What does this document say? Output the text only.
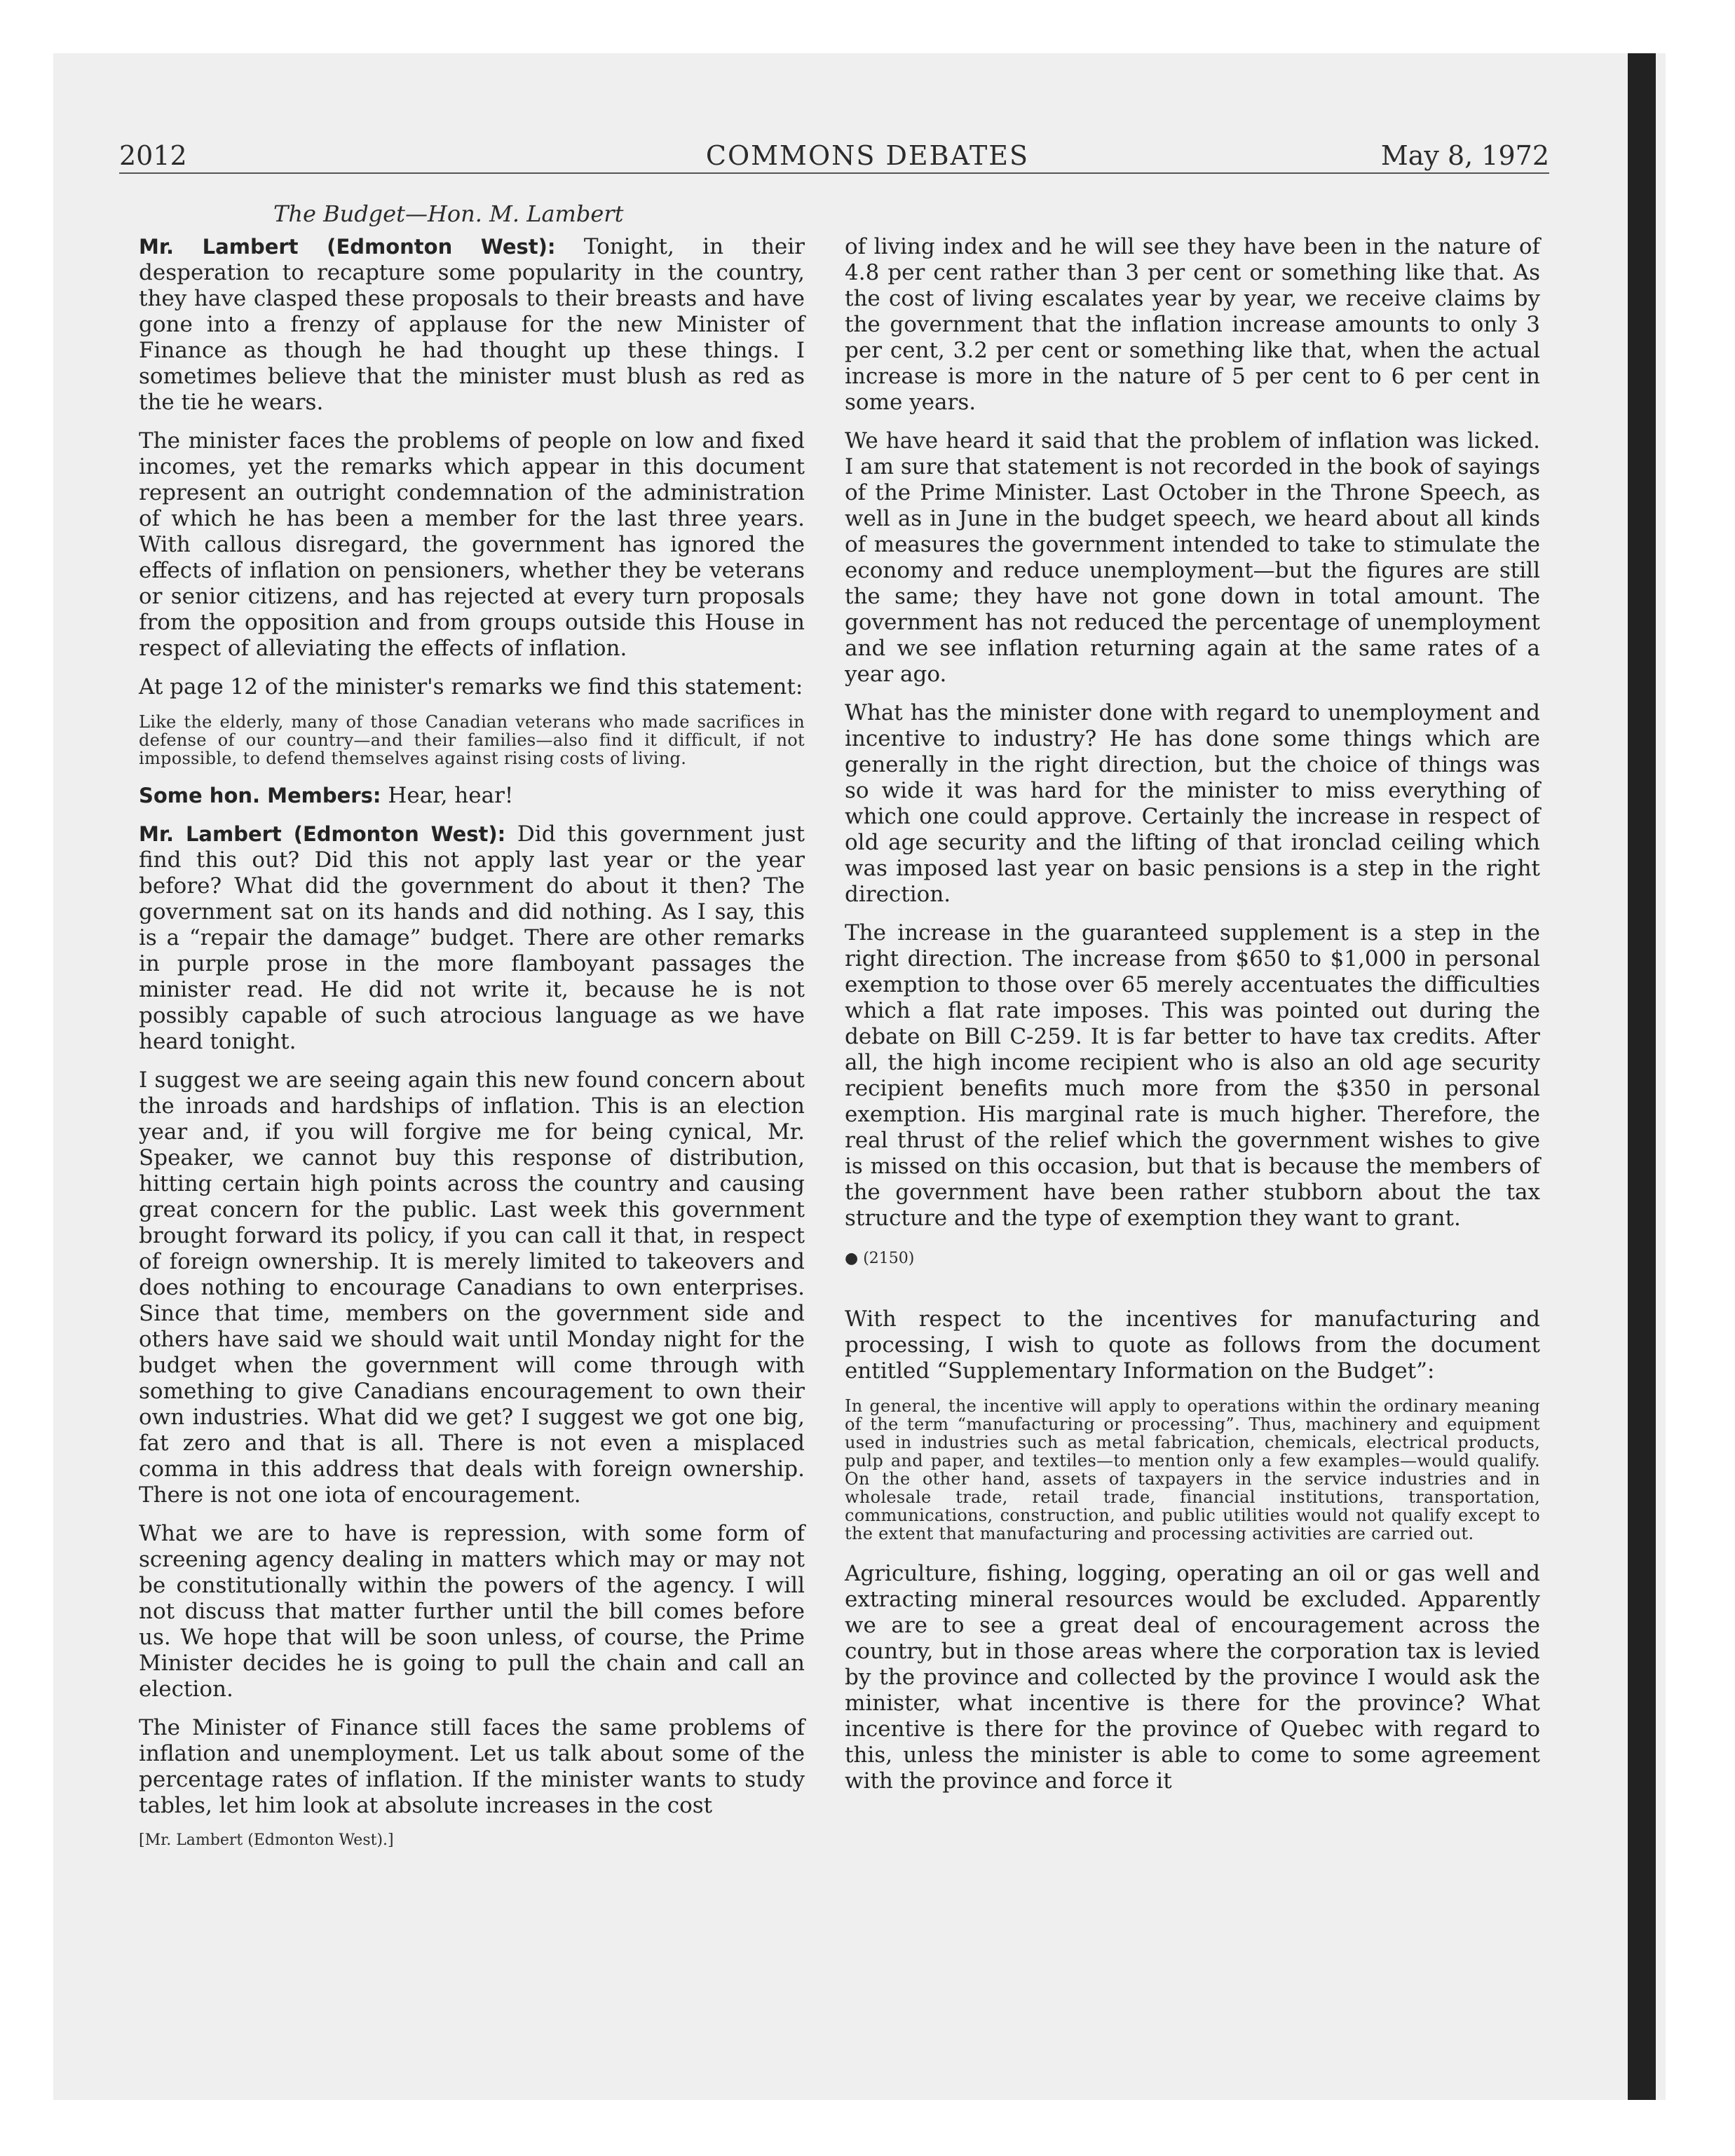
2012	COMMONS DEBATES	May 8, 1972
The Budget—Hon. M. Lambert

Mr. Lambert (Edmonton West): Tonight, in their desperation to recapture some popularity in the country, they have clasped these proposals to their breasts and have gone into a frenzy of applause for the new Minister of Finance as though he had thought up these things. I sometimes believe that the minister must blush as red as the tie he wears.

The minister faces the problems of people on low and fixed incomes, yet the remarks which appear in this document represent an outright condemnation of the administration of which he has been a member for the last three years. With callous disregard, the government has ignored the effects of inflation on pensioners, whether they be veterans or senior citizens, and has rejected at every turn proposals from the opposition and from groups outside this House in respect of alleviating the effects of inflation.

At page 12 of the minister's remarks we find this statement:

Like the elderly, many of those Canadian veterans who made sacrifices in defense of our country—and their families—also find it difficult, if not impossible, to defend themselves against rising costs of living.

Some hon. Members: Hear, hear!

Mr. Lambert (Edmonton West): Did this government just find this out? Did this not apply last year or the year before? What did the government do about it then? The government sat on its hands and did nothing. As I say, this is a “repair the damage” budget. There are other remarks in purple prose in the more flamboyant passages the minister read. He did not write it, because he is not possibly capable of such atrocious language as we have heard tonight.

I suggest we are seeing again this new found concern about the inroads and hardships of inflation. This is an election year and, if you will forgive me for being cynical, Mr. Speaker, we cannot buy this response of distribution, hitting certain high points across the country and causing great concern for the public. Last week this government brought forward its policy, if you can call it that, in respect of foreign ownership. It is merely limited to takeovers and does nothing to encourage Canadians to own enterprises. Since that time, members on the government side and others have said we should wait until Monday night for the budget when the government will come through with something to give Canadians encouragement to own their own industries. What did we get? I suggest we got one big, fat zero and that is all. There is not even a misplaced comma in this address that deals with foreign ownership. There is not one iota of encouragement.

What we are to have is repression, with some form of screening agency dealing in matters which may or may not be constitutionally within the powers of the agency. I will not discuss that matter further until the bill comes before us. We hope that will be soon unless, of course, the Prime Minister decides he is going to pull the chain and call an election.

The Minister of Finance still faces the same problems of inflation and unemployment. Let us talk about some of the percentage rates of inflation. If the minister wants to study tables, let him look at absolute increases in the cost

[Mr. Lambert (Edmonton West).]

of living index and he will see they have been in the nature of 4.8 per cent rather than 3 per cent or something like that. As the cost of living escalates year by year, we receive claims by the government that the inflation increase amounts to only 3 per cent, 3.2 per cent or something like that, when the actual increase is more in the nature of 5 per cent to 6 per cent in some years.

We have heard it said that the problem of inflation was licked. I am sure that statement is not recorded in the book of sayings of the Prime Minister. Last October in the Throne Speech, as well as in June in the budget speech, we heard about all kinds of measures the government intended to take to stimulate the economy and reduce unemployment—but the figures are still the same; they have not gone down in total amount. The government has not reduced the percentage of unemployment and we see inflation returning again at the same rates of a year ago.

What has the minister done with regard to unemployment and incentive to industry? He has done some things which are generally in the right direction, but the choice of things was so wide it was hard for the minister to miss everything of which one could approve. Certainly the increase in respect of old age security and the lifting of that ironclad ceiling which was imposed last year on basic pensions is a step in the right direction.

The increase in the guaranteed supplement is a step in the right direction. The increase from $650 to $1,000 in personal exemption to those over 65 merely accentuates the difficulties which a flat rate imposes. This was pointed out during the debate on Bill C-259. It is far better to have tax credits. After all, the high income recipient who is also an old age security recipient benefits much more from the $350 in personal exemption. His marginal rate is much higher. Therefore, the real thrust of the relief which the government wishes to give is missed on this occasion, but that is because the members of the government have been rather stubborn about the tax structure and the type of exemption they want to grant.

● (2150)

With respect to the incentives for manufacturing and processing, I wish to quote as follows from the document entitled “Supplementary Information on the Budget”:

In general, the incentive will apply to operations within the ordinary meaning of the term “manufacturing or processing”. Thus, machinery and equipment used in industries such as metal fabrication, chemicals, electrical products, pulp and paper, and textiles—to mention only a few examples—would qualify. On the other hand, assets of taxpayers in the service industries and in wholesale trade, retail trade, financial institutions, transportation, communications, construction, and public utilities would not qualify except to the extent that manufacturing and processing activities are carried out.

Agriculture, fishing, logging, operating an oil or gas well and extracting mineral resources would be excluded. Apparently we are to see a great deal of encouragement across the country, but in those areas where the corporation tax is levied by the province and collected by the province I would ask the minister, what incentive is there for the province? What incentive is there for the province of Quebec with regard to this, unless the minister is able to come to some agreement with the province and force it
